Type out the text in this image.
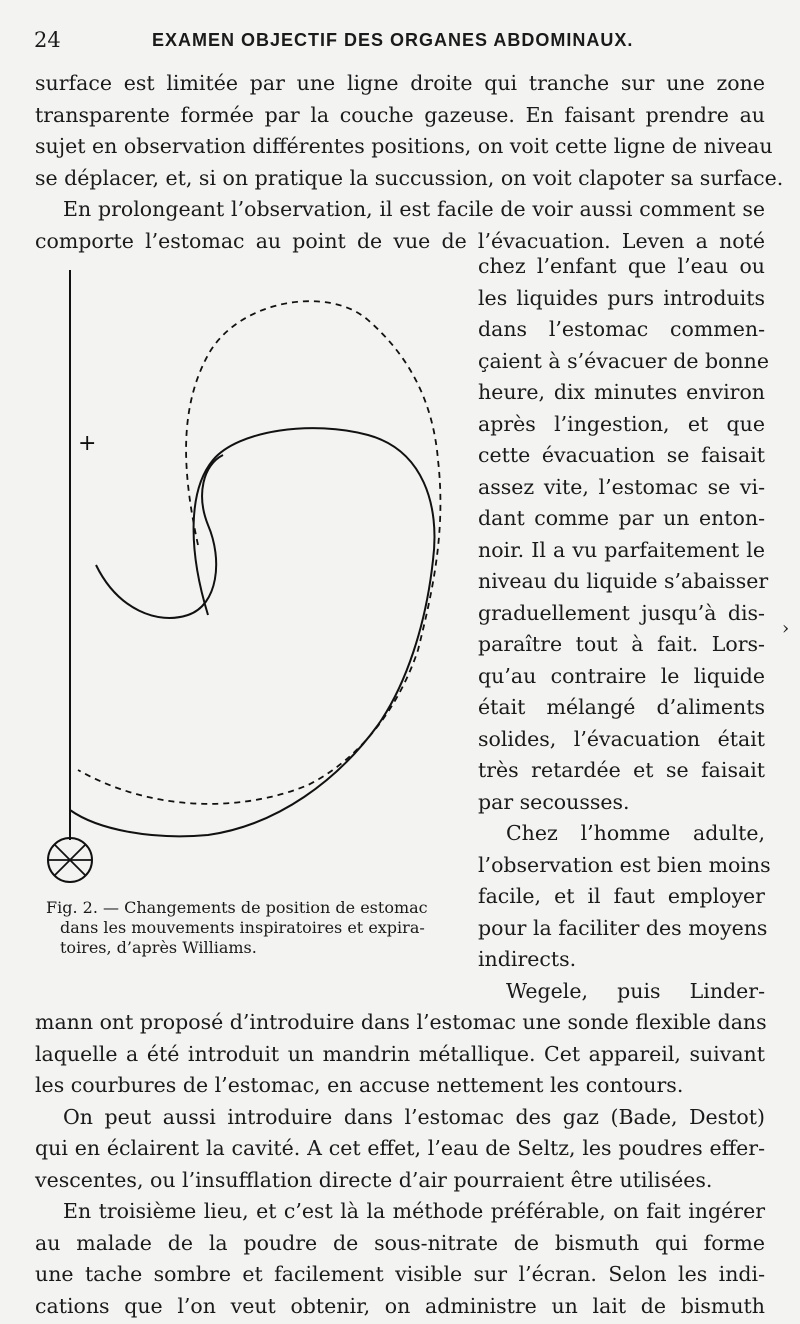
24	EXAMEN OBJECTIF DES ORGANES ABDOMINAUX.
surface est limitée par une ligne droite qui tranche sur une zone
transparente formée par la couche gazeuse. En faisant prendre au
sujet en observation différentes positions, on voit cette ligne de niveau
se déplacer, et, si on pratique la succussion, on voit clapoter sa surface.
En prolongeant l’observation, il est facile de voir aussi comment se
comporte l’estomac au point de vue de l’évacuation. Leven a noté
chez l’enfant que l’eau ou
les liquides purs introduits
dans l’estomac commen-
çaient à s’évacuer de bonne
heure, dix minutes environ
après l’ingestion, et que
cette évacuation se faisait
assez vite, l’estomac se vi-
dant comme par un enton-
noir. Il a vu parfaitement le
niveau du liquide s’abaisser
graduellement jusqu’à dis-
paraître tout à fait. Lors-
qu’au contraire le liquide
était mélangé d’aliments
solides, l’évacuation était
très retardée et se faisait
par secousses.
Chez l’homme adulte,
l’observation est bien moins
facile, et il faut employer
pour la faciliter des moyens
indirects.
Wegele, puis Linder-
mann ont proposé d’introduire dans l’estomac une sonde flexible dans
laquelle a été introduit un mandrin métallique. Cet appareil, suivant
les courbures de l’estomac, en accuse nettement les contours.
On peut aussi introduire dans l’estomac des gaz (Bade, Destot)
qui en éclairent la cavité. A cet effet, l’eau de Seltz, les poudres effer-
vescentes, ou l’insufflation directe d’air pourraient être utilisées.
En troisième lieu, et c’est là la méthode préférable, on fait ingérer
au malade de la poudre de sous-nitrate de bismuth qui forme
une tache sombre et facilement visible sur l’écran. Selon les indi-
cations que l’on veut obtenir, on administre un lait de bismuth
+
Fig. 2. — Changements de position de estomac
dans les mouvements inspiratoires et expira-
toires, d’après Williams.
›
